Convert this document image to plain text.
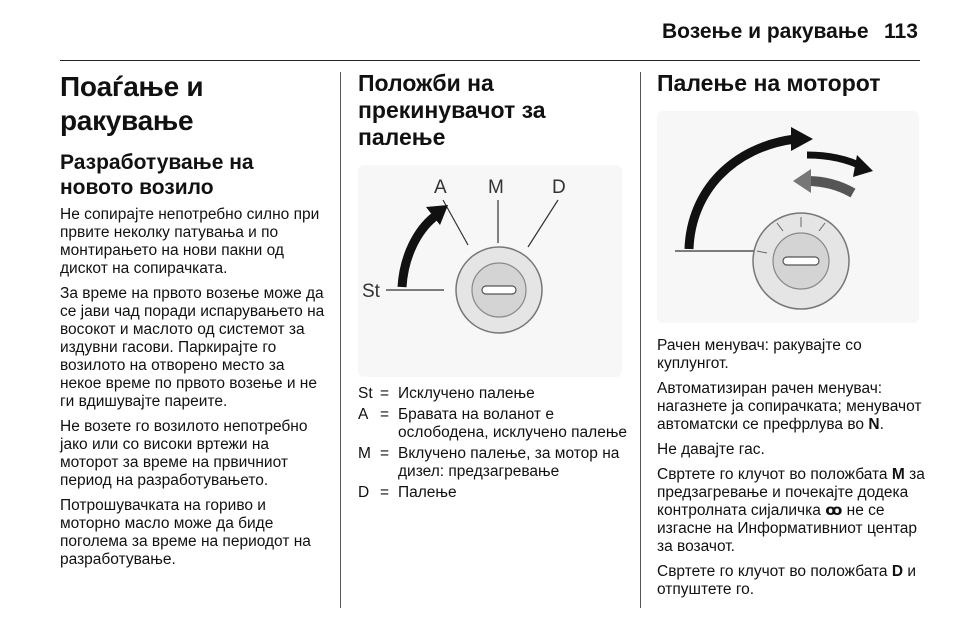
Возење и ракување 113
Поаѓање и ракување
Разработување на новото возило

Не сопирајте непотребно силно при првите неколку патувања и по монтирањето на нови пакни од дискот на сопирачката.

За време на првото возење може да се јави чад поради испарувањето на восокот и маслото од системот за издувни гасови. Паркирајте го возилото на отворено место за некое време по првото возење и не ги вдишувајте пареите.

Не возете го возилото непотребно јако или со високи вртежи на моторот за време на првичниот период на разработувањето.

Потрошувачката на гориво и моторно масло може да биде поголема за време на периодот на разработување.

Положби на прекинувачот за палење
A M	D
St
St = Исклучено палење
A = Бравата на воланот е ослободена, исклучено палење
M = Вклучено палење, за мотор на дизел: предзагревање
D = Палење
Палење на моторот

Рачен менувач: ракувајте со куплунгот.

Автоматизиран рачен менувач: нагазнете ја сопирачката; менувачот автоматски се префрлува во N.

Не давајте гас.

Свртете го клучот во положбата M за предзагревање и почекајте додека контролната сијаличка ꝏ не се изгасне на Информативниот центар за возачот.

Свртете го клучот во положбата D и отпуштете го.
